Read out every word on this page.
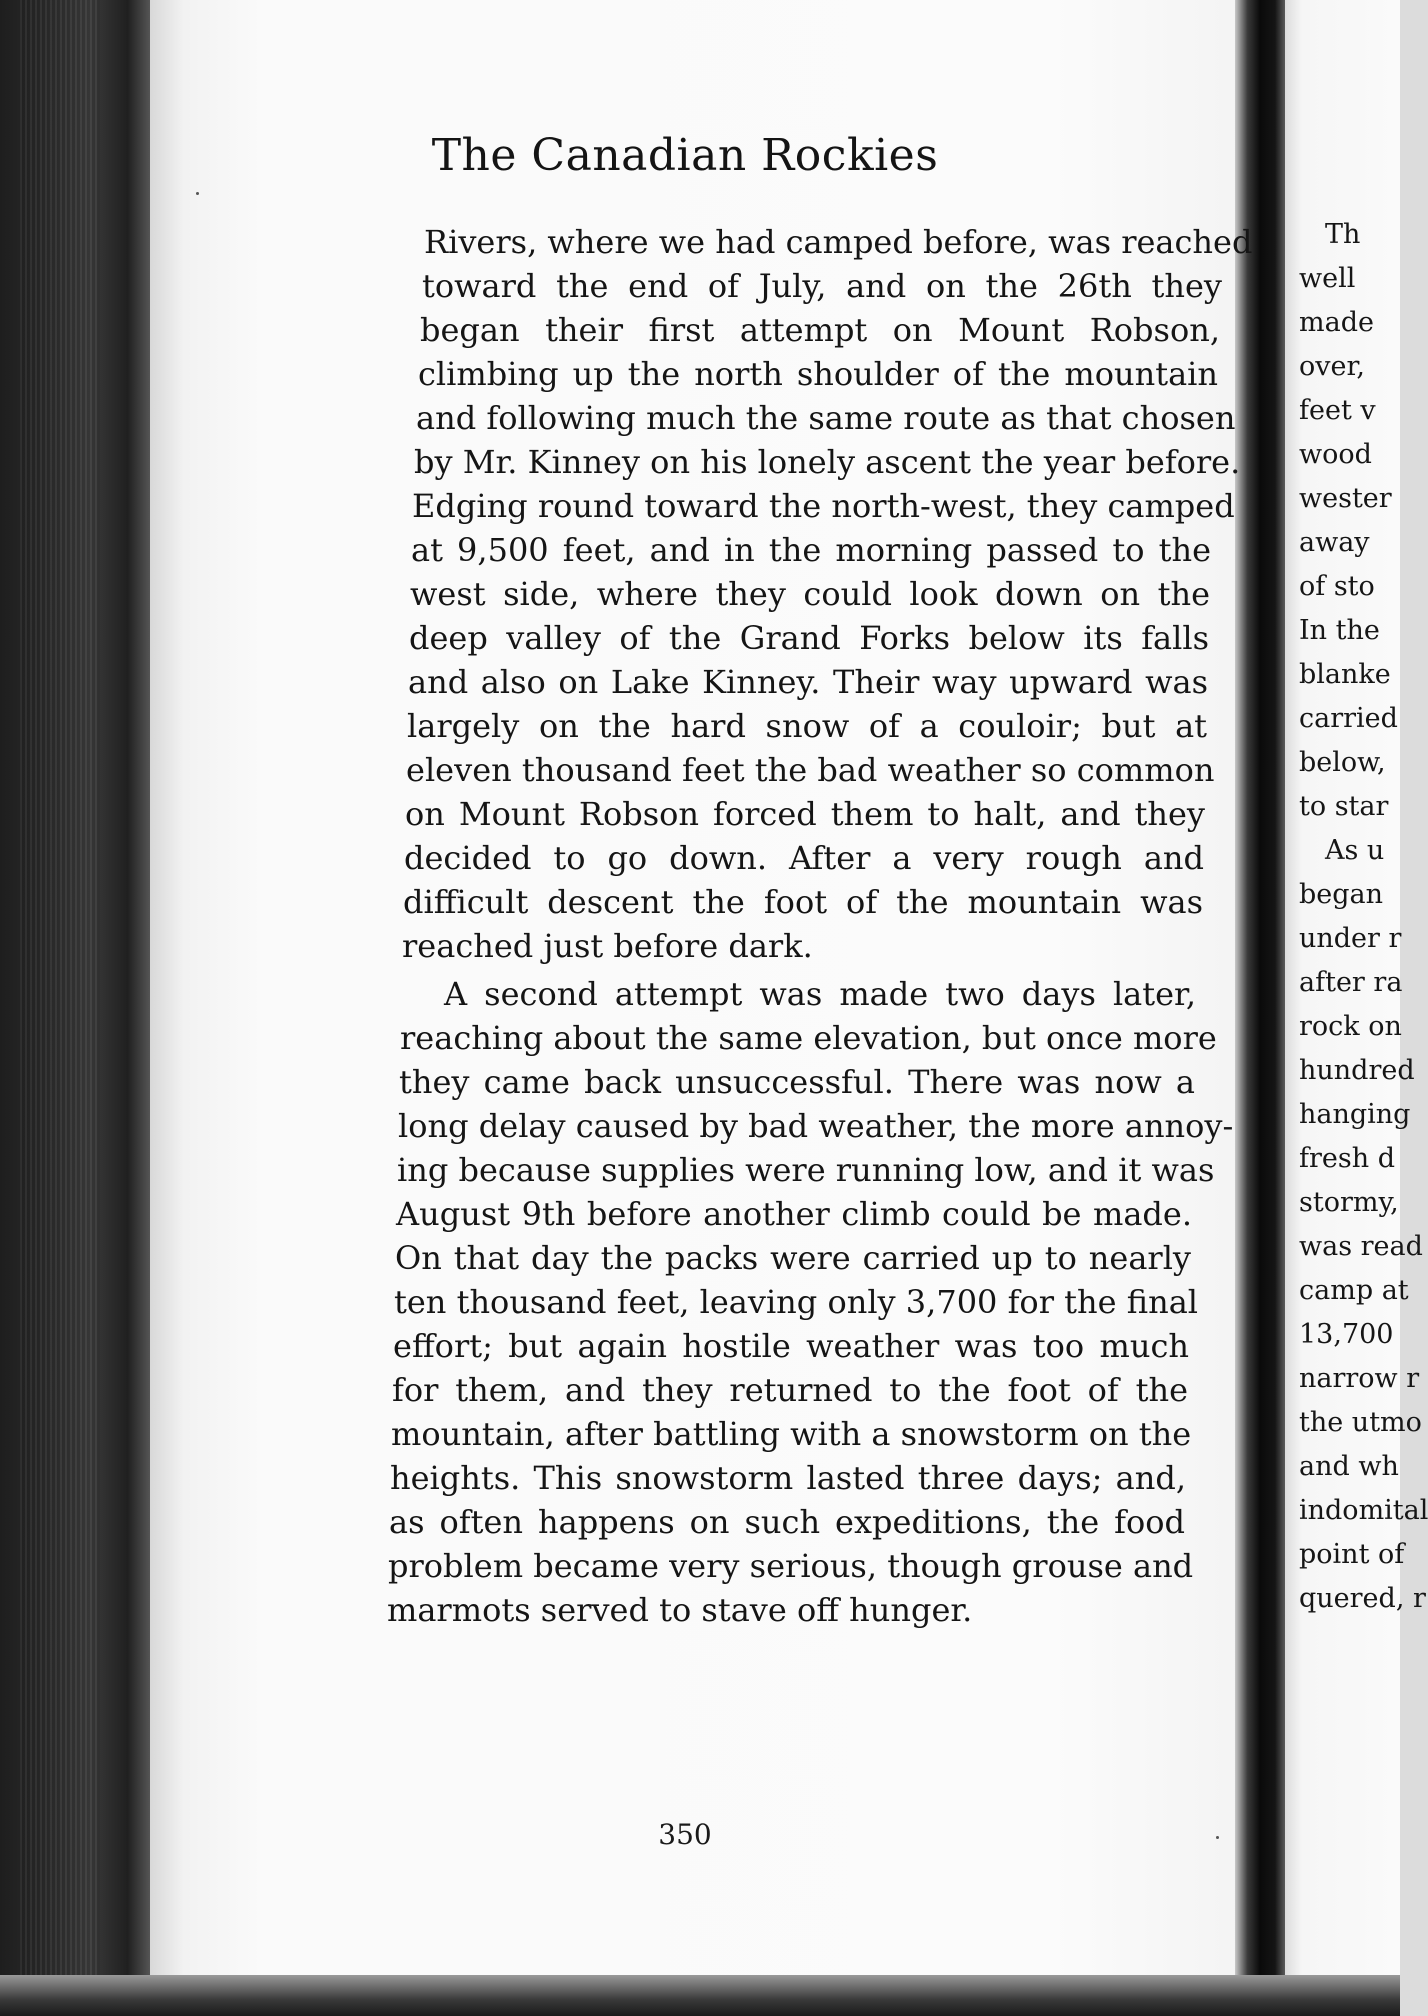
Th
well
made
over,
feet v
wood
wester
away
of sto
In the
blanke
carried
below,
to star
As u
began
under r
after ra
rock on
hundred
hanging
fresh d
stormy,
was read
camp at
13,700
narrow r
the utmo
and wh
indomital
point of
quered, r
The Canadian Rockies
Rivers, where we had camped before, was reached
toward the end of July, and on the 26th they
began their first attempt on Mount Robson,
climbing up the north shoulder of the mountain
and following much the same route as that chosen
by Mr. Kinney on his lonely ascent the year before.
Edging round toward the north-west, they camped
at 9,500 feet, and in the morning passed to the
west side, where they could look down on the
deep valley of the Grand Forks below its falls
and also on Lake Kinney. Their way upward was
largely on the hard snow of a couloir; but at
eleven thousand feet the bad weather so common
on Mount Robson forced them to halt, and they
decided to go down. After a very rough and
difficult descent the foot of the mountain was
reached just before dark.
A second attempt was made two days later,
reaching about the same elevation, but once more
they came back unsuccessful. There was now a
long delay caused by bad weather, the more annoy-
ing because supplies were running low, and it was
August 9th before another climb could be made.
On that day the packs were carried up to nearly
ten thousand feet, leaving only 3,700 for the final
effort; but again hostile weather was too much
for them, and they returned to the foot of the
mountain, after battling with a snowstorm on the
heights. This snowstorm lasted three days; and,
as often happens on such expeditions, the food
problem became very serious, though grouse and
marmots served to stave off hunger.
350
